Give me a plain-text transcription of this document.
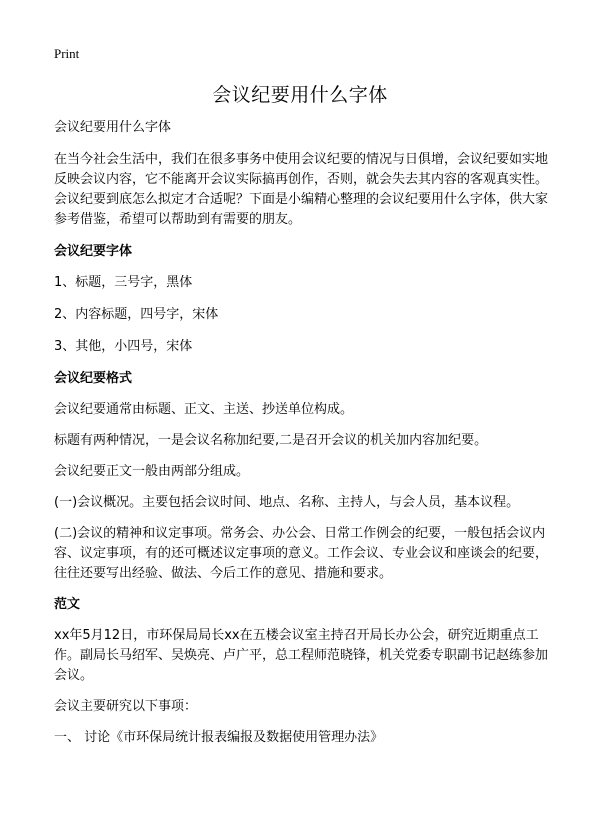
Print
会议纪要用什么字体

会议纪要用什么字体

在当今社会生活中，我们在很多事务中使用会议纪要的情况与日俱增，会议纪要如实地反映会议内容，它不能离开会议实际搞再创作，否则，就会失去其内容的客观真实性。会议纪要到底怎么拟定才合适呢？下面是小编精心整理的会议纪要用什么字体，供大家参考借鉴，希望可以帮助到有需要的朋友。

会议纪要字体

1、标题，三号字，黑体

2、内容标题，四号字，宋体

3、其他，小四号，宋体

会议纪要格式

会议纪要通常由标题、正文、主送、抄送单位构成。

标题有两种情况，一是会议名称加纪要,二是召开会议的机关加内容加纪要。

会议纪要正文一般由两部分组成。

(一)会议概况。主要包括会议时间、地点、名称、主持人，与会人员，基本议程。

(二)会议的精神和议定事项。常务会、办公会、日常工作例会的纪要，一般包括会议内容、议定事项，有的还可概述议定事项的意义。工作会议、专业会议和座谈会的纪要，往往还要写出经验、做法、今后工作的意见、措施和要求。

范文

xx年5月12日，市环保局局长xx在五楼会议室主持召开局长办公会，研究近期重点工作。副局长马绍军、吴焕亮、卢广平，总工程师范晓锋，机关党委专职副书记赵练参加会议。

会议主要研究以下事项：

一、 讨论《市环保局统计报表编报及数据使用管理办法》
